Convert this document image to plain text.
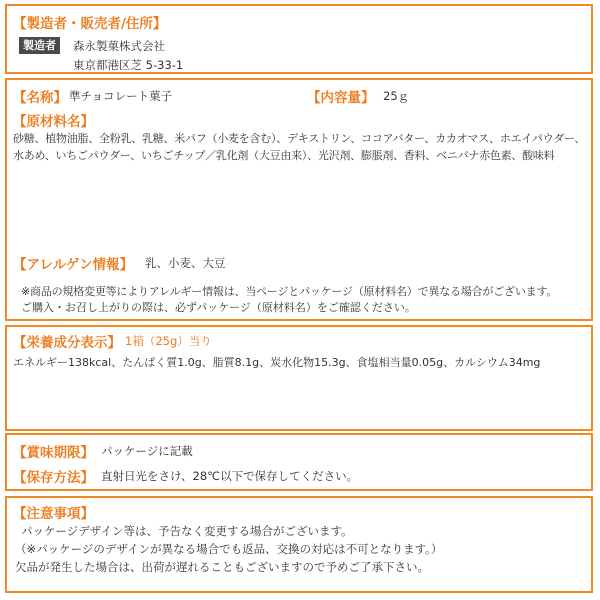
【製造者・販売者/住所】
製造者	森永製菓株式会社
東京都港区芝 5-33-1
【名称】 準チョコレート菓子	【内容量】 25ｇ
【原材料名】
砂糖、植物油脂、全粉乳、乳糖、米パフ（小麦を含む）、デキストリン、ココアバター、カカオマス、ホエイパウダー、
水あめ、いちごパウダー、いちごチップ／乳化剤（大豆由来）、光沢剤、膨脹剤、香料、ベニバナ赤色素、酸味料
【アレルゲン情報】 乳、小麦、大豆
※商品の規格変更等によりアレルギー情報は、当ページとパッケージ（原材料名）で異なる場合がございます。
ご購入・お召し上がりの際は、必ずパッケージ（原材料名）をご確認ください。
【栄養成分表示】 1箱（25g）当り
エネルギー138kcal、たんぱく質1.0g、脂質8.1g、炭水化物15.3g、食塩相当量0.05g、カルシウム34mg
【賞味期限】 パッケージに記載
【保存方法】 直射日光をさけ、28℃以下で保存してください。
【注意事項】
パッケージデザイン等は、予告なく変更する場合がございます。
（※パッケージのデザインが異なる場合でも返品、交換の対応は不可となります。）
欠品が発生した場合は、出荷が遅れることもございますので予めご了承下さい。
